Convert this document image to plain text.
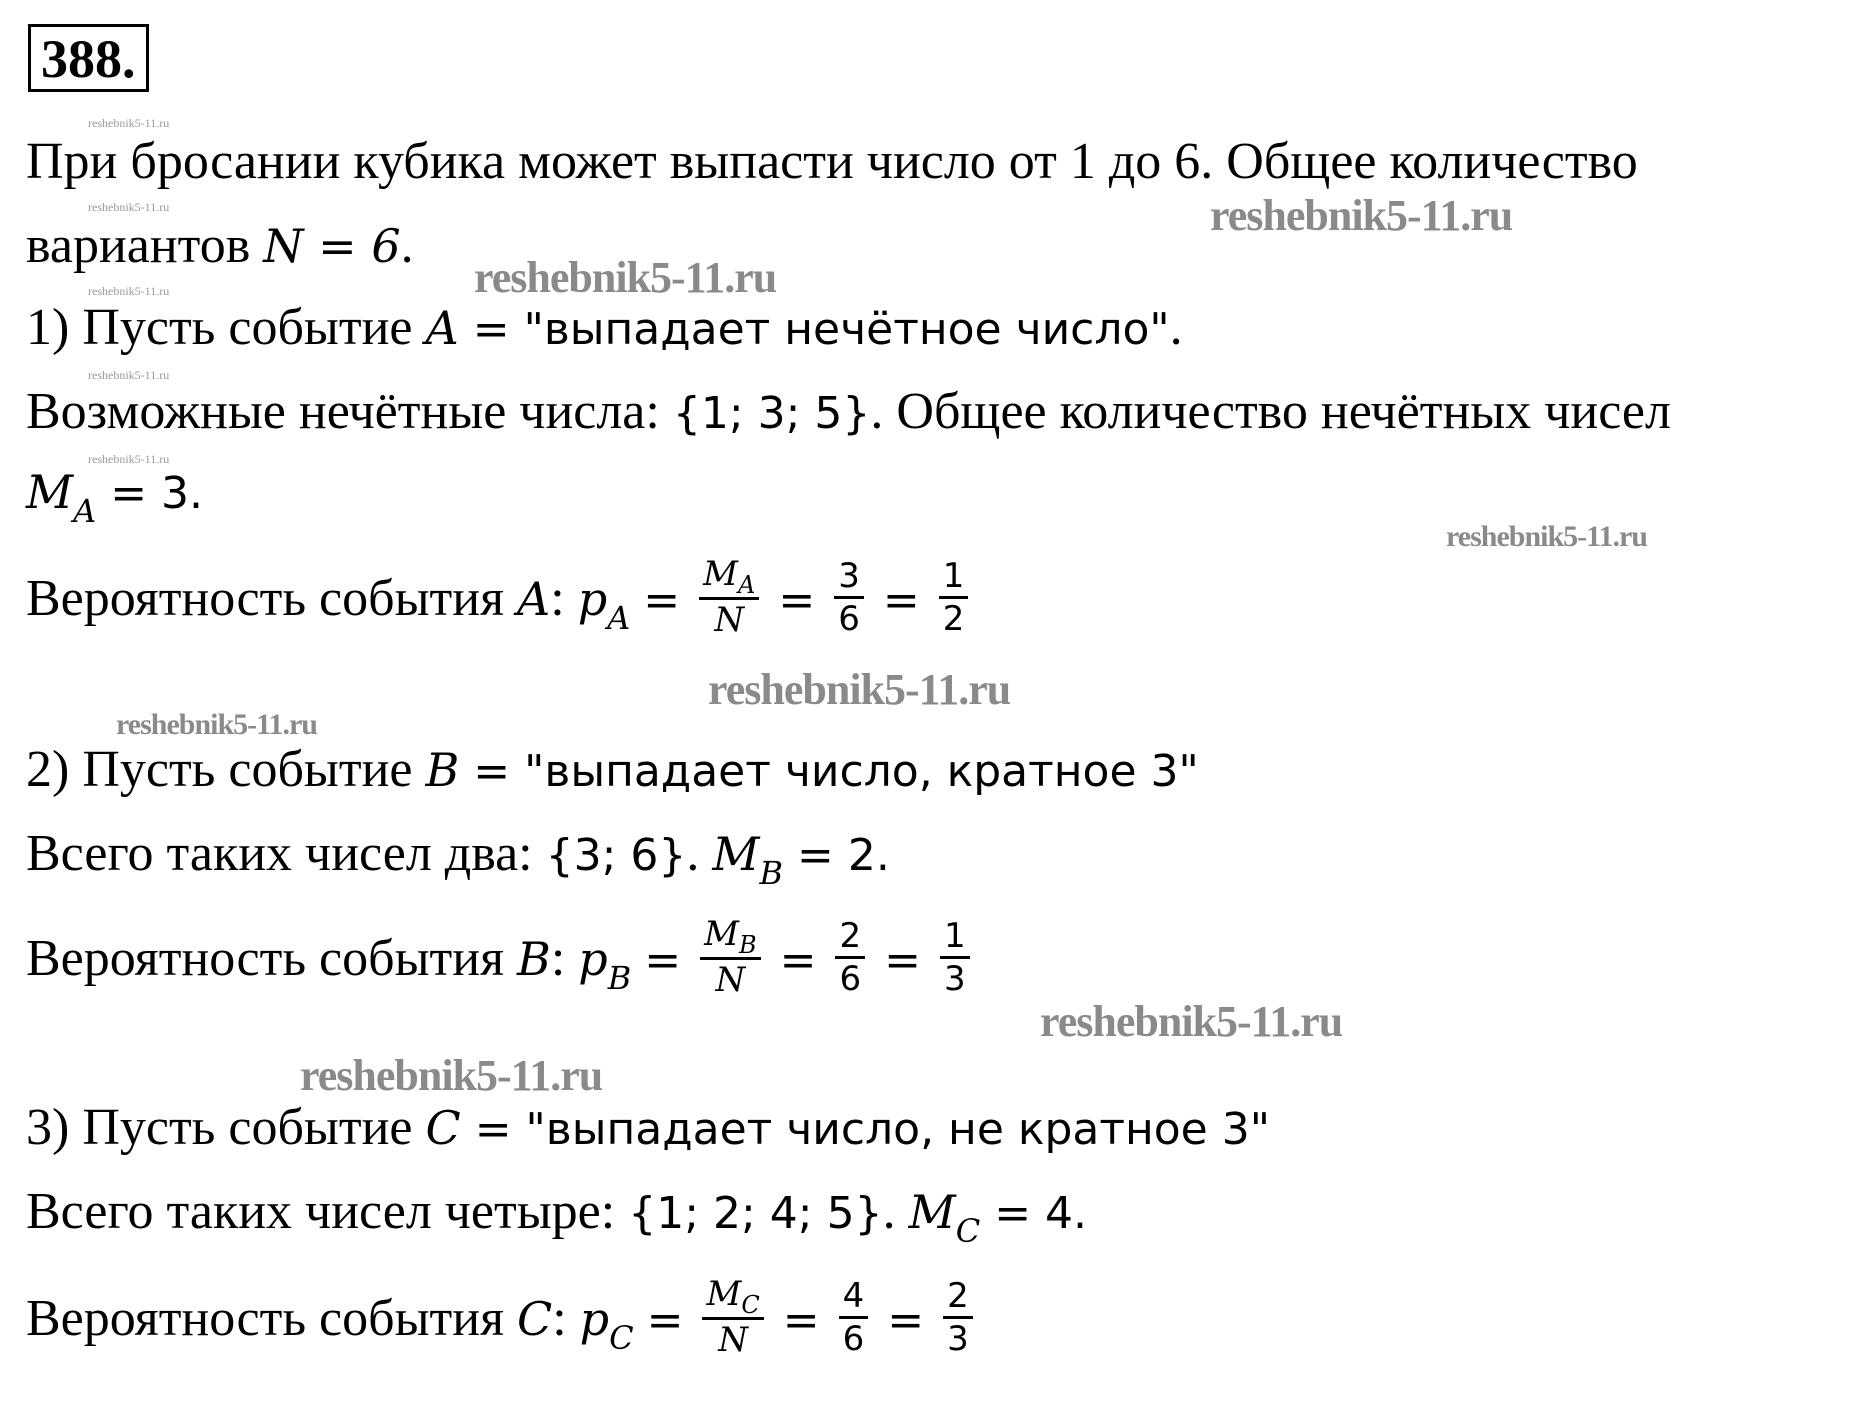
388.
reshebnik5-11.ru
reshebnik5-11.ru
reshebnik5-11.ru
reshebnik5-11.ru
reshebnik5-11.ru
reshebnik5-11.ru
reshebnik5-11.ru
reshebnik5-11.ru
reshebnik5-11.ru
reshebnik5-11.ru
reshebnik5-11.ru
reshebnik5-11.ru
При бросании кубика может выпасти число от 1 до 6. Общее количество
вариантов N = 6.
1) Пусть событие A = "выпадает нечётное число".
Возможные нечётные числа: {1; 3; 5}. Общее количество нечётных чисел
$M_A = 3$.
Вероятность события A: $p_A = \frac{M_A}{N} = \frac{3}{6} = \frac{1}{2}$
2) Пусть событие B = "выпадает число, кратное 3"
Всего таких чисел два: {3; 6}. $M_B = 2$.
Вероятность события B: $p_B = \frac{M_B}{N} = \frac{2}{6} = \frac{1}{3}$
3) Пусть событие C = "выпадает число, не кратное 3"
Всего таких чисел четыре: {1; 2; 4; 5}. $M_C = 4$.
Вероятность события C: $p_C = \frac{M_C}{N} = \frac{4}{6} = \frac{2}{3}$
